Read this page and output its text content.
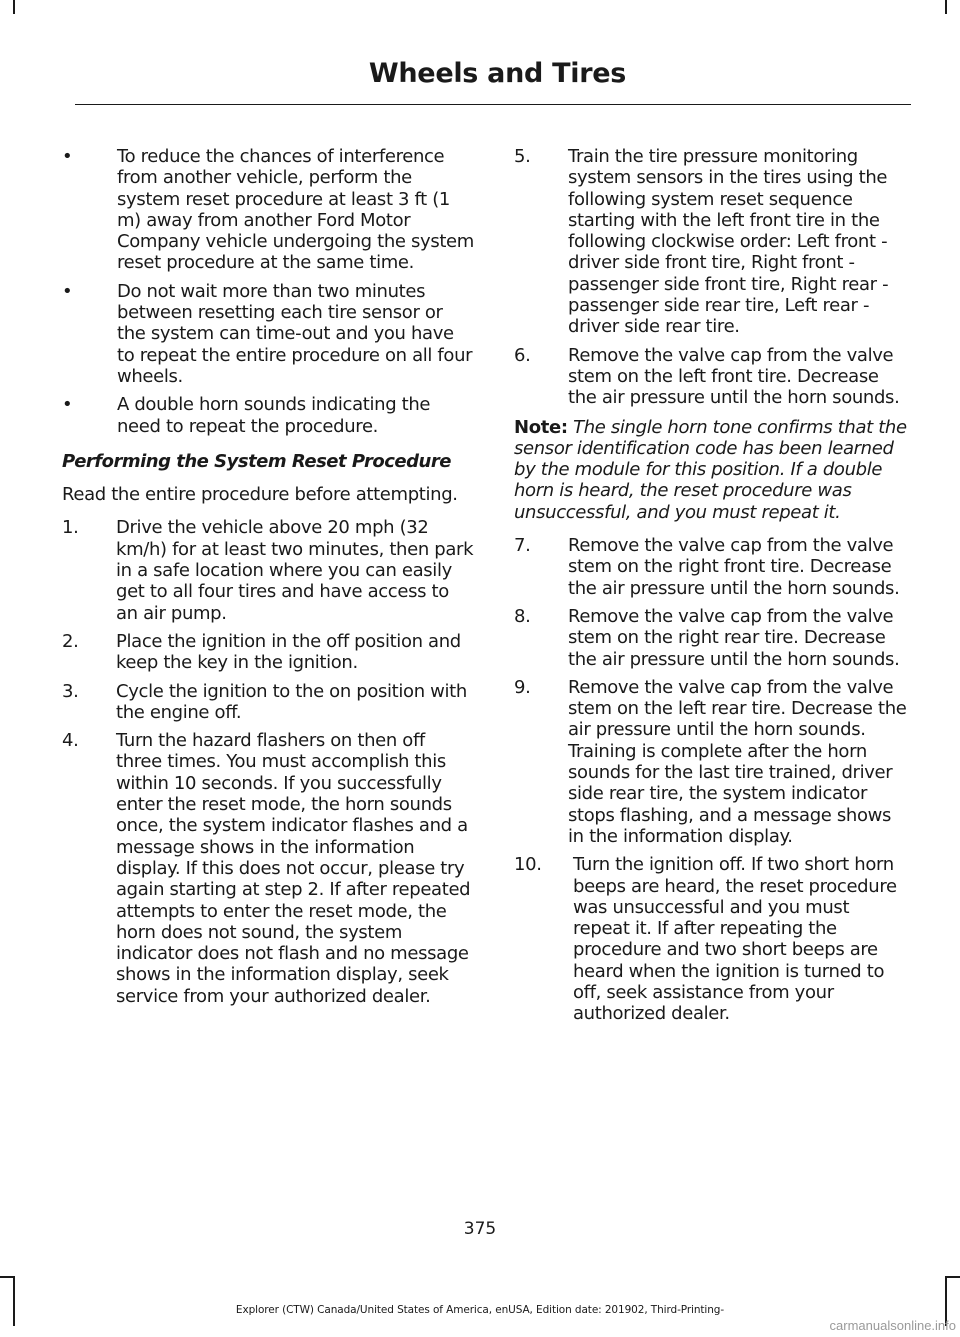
Wheels and Tires
• To reduce the chances of interference from another vehicle, perform the system reset procedure at least 3 ft (1 m) away from another Ford Motor Company vehicle undergoing the system reset procedure at the same time.
• Do not wait more than two minutes between resetting each tire sensor or the system can time-out and you have to repeat the entire procedure on all four wheels.
• A double horn sounds indicating the need to repeat the procedure.
Performing the System Reset Procedure
Read the entire procedure before attempting.
1. Drive the vehicle above 20 mph (32 km/h) for at least two minutes, then park in a safe location where you can easily get to all four tires and have access to an air pump.
2. Place the ignition in the off position and keep the key in the ignition.
3. Cycle the ignition to the on position with the engine off.
4. Turn the hazard flashers on then off three times. You must accomplish this within 10 seconds. If you successfully enter the reset mode, the horn sounds once, the system indicator flashes and a message shows in the information display. If this does not occur, please try again starting at step 2. If after repeated attempts to enter the reset mode, the horn does not sound, the system indicator does not flash and no message shows in the information display, seek service from your authorized dealer.
5. Train the tire pressure monitoring system sensors in the tires using the following system reset sequence starting with the left front tire in the following clockwise order: Left front - driver side front tire, Right front - passenger side front tire, Right rear - passenger side rear tire, Left rear - driver side rear tire.
6. Remove the valve cap from the valve stem on the left front tire. Decrease the air pressure until the horn sounds.
Note: The single horn tone confirms that the sensor identification code has been learned by the module for this position. If a double horn is heard, the reset procedure was unsuccessful, and you must repeat it.
7. Remove the valve cap from the valve stem on the right front tire. Decrease the air pressure until the horn sounds.
8. Remove the valve cap from the valve stem on the right rear tire. Decrease the air pressure until the horn sounds.
9. Remove the valve cap from the valve stem on the left rear tire. Decrease the air pressure until the horn sounds. Training is complete after the horn sounds for the last tire trained, driver side rear tire, the system indicator stops flashing, and a message shows in the information display.
10. Turn the ignition off. If two short horn beeps are heard, the reset procedure was unsuccessful and you must repeat it. If after repeating the procedure and two short beeps are heard when the ignition is turned to off, seek assistance from your authorized dealer.
375
Explorer (CTW) Canada/United States of America, enUSA, Edition date: 201902, Third-Printing-
carmanualsonline.info
